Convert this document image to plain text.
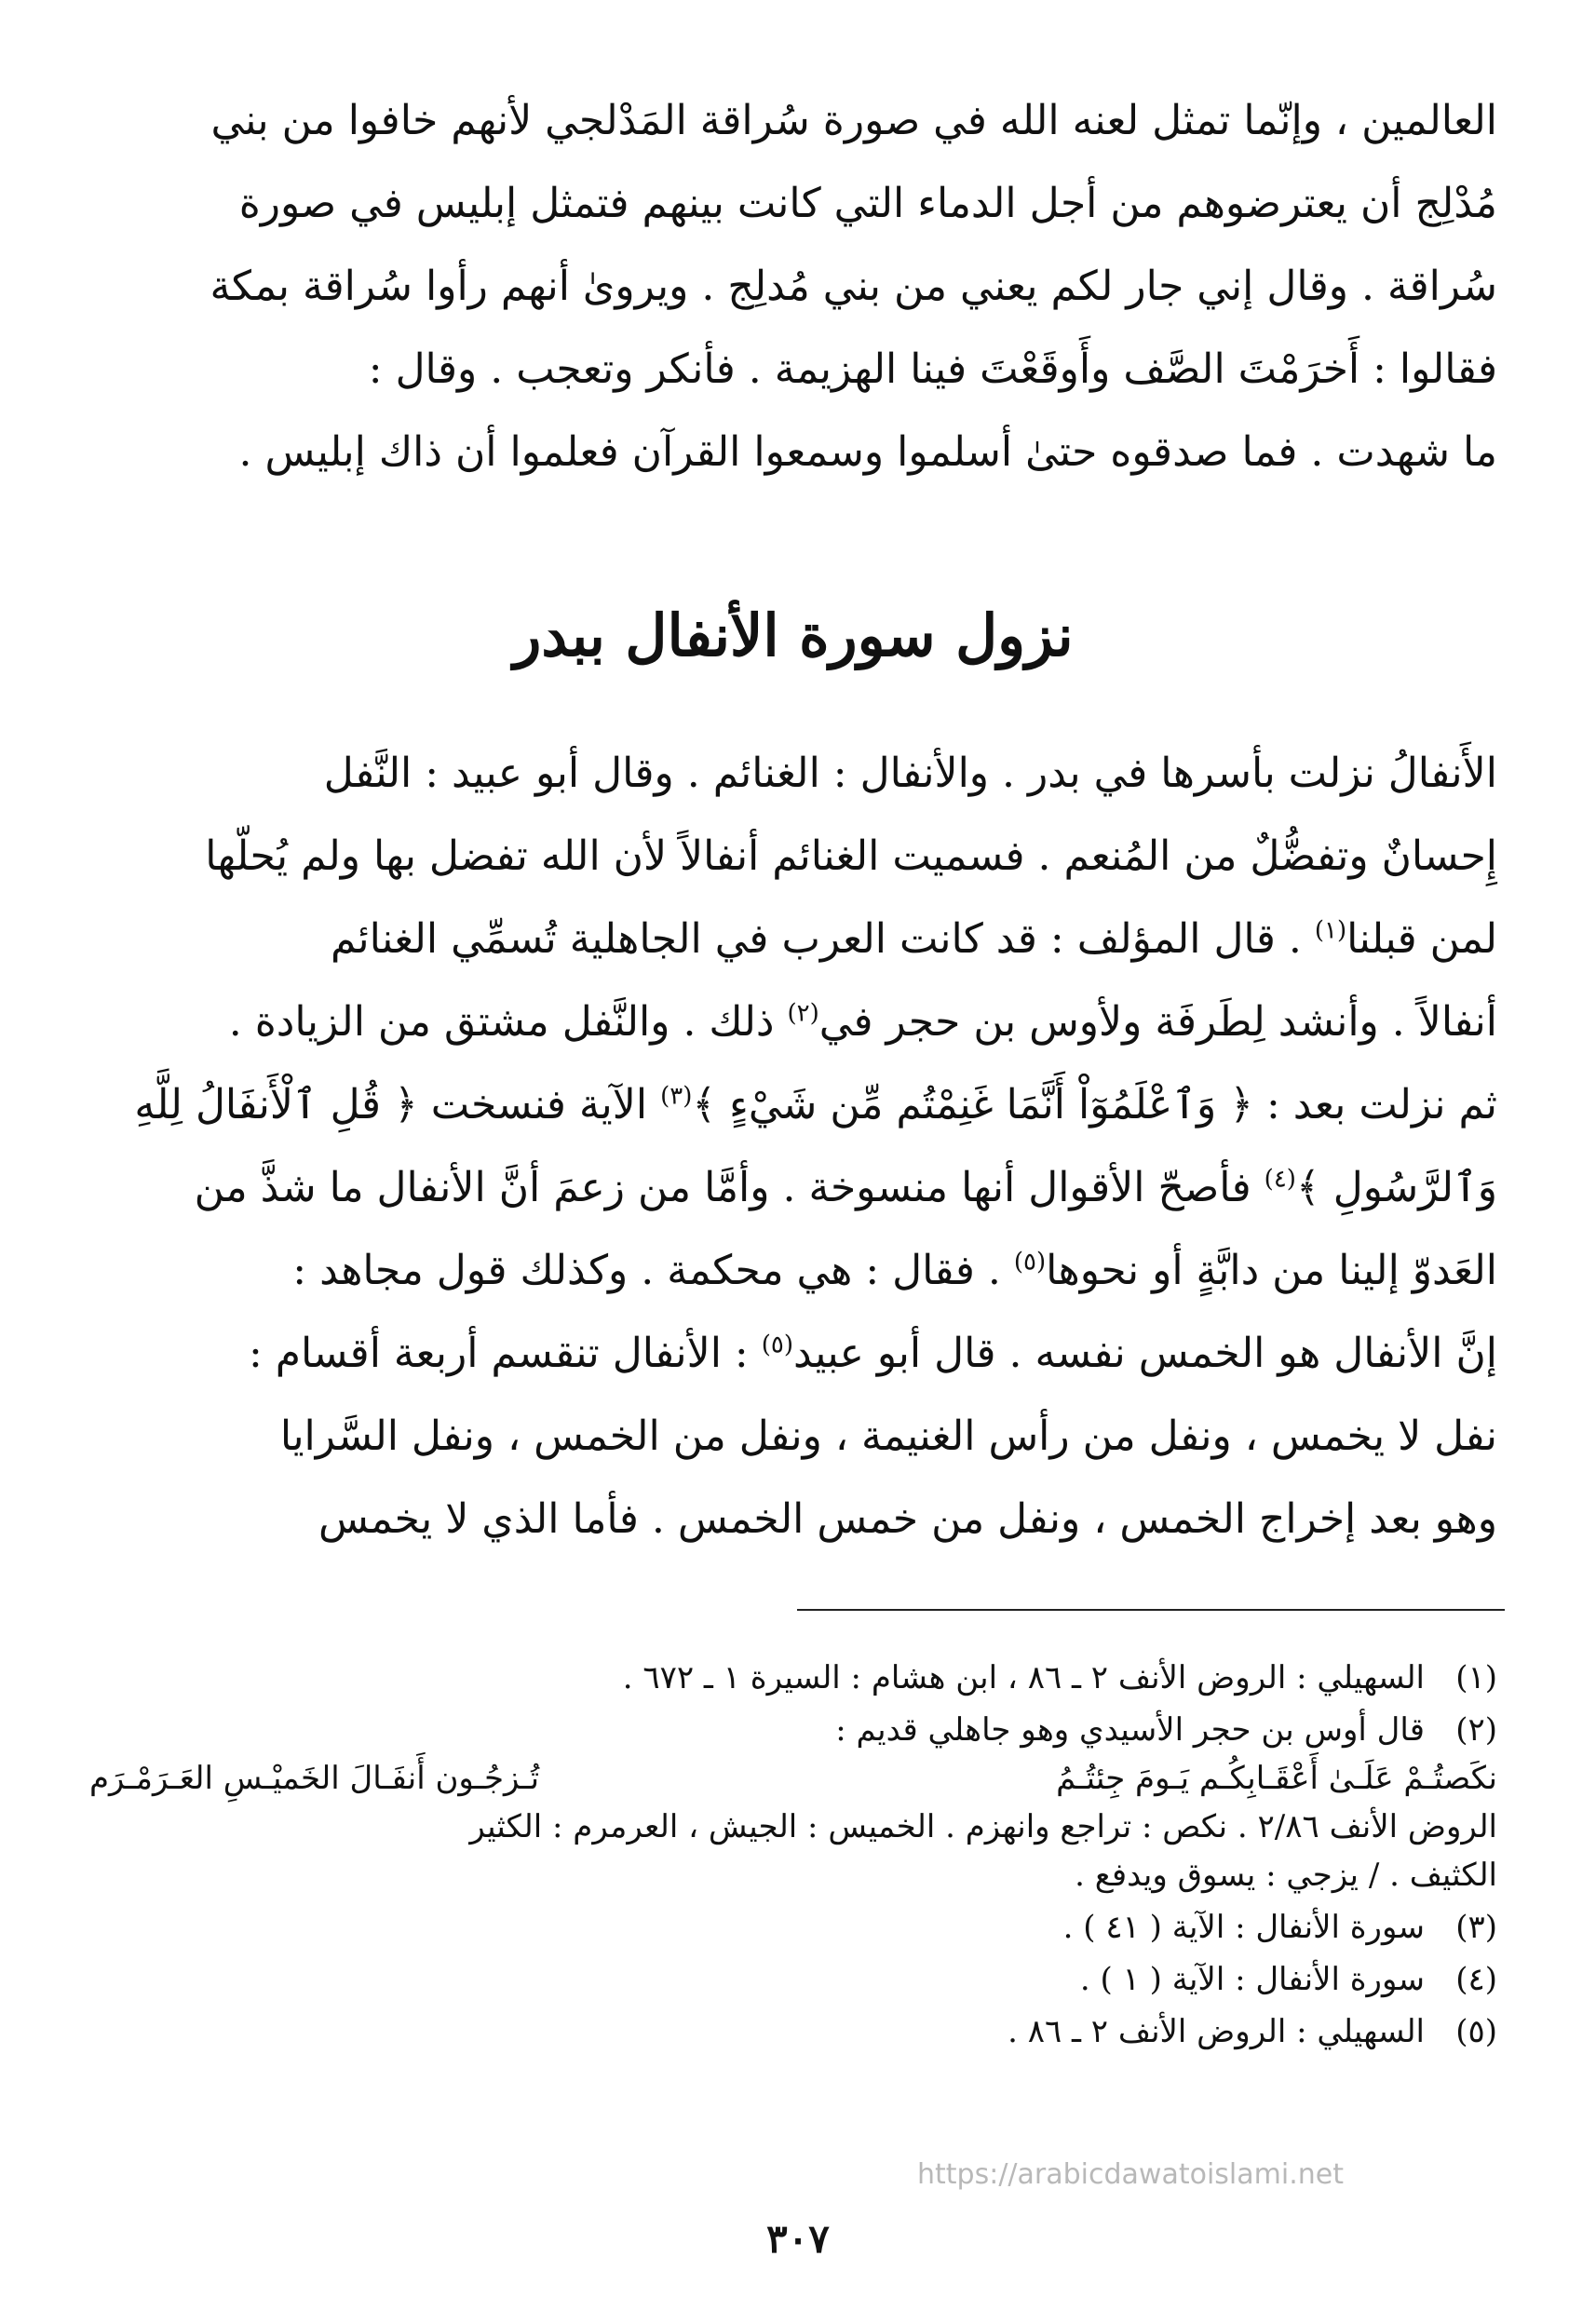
العالمين ، وإنّما تمثل لعنه الله في صورة سُراقة المَدْلجي لأنهم خافوا من بني

مُدْلِج أن يعترضوهم من أجل الدماء التي كانت بينهم فتمثل إبليس في صورة

سُراقة . وقال إني جار لكم يعني من بني مُدلِج . ويروىٰ أنهم رأوا سُراقة بمكة

فقالوا : أَخرَمْتَ الصَّف وأَوقَعْتَ فينا الهزيمة . فأنكر وتعجب . وقال :

ما شهدت . فما صدقوه حتىٰ أسلموا وسمعوا القرآن فعلموا أن ذاك إبليس .

نزول سورة الأنفال ببدر

الأَنفالُ نزلت بأسرها في بدر . والأنفال : الغنائم . وقال أبو عبيد : النَّفل

إِحسانٌ وتفضُّلٌ من المُنعم . فسميت الغنائم أنفالاً لأن الله تفضل بها ولم يُحلّها

لمن قبلنا$^{(١)}$ . قال المؤلف : قد كانت العرب في الجاهلية تُسمِّي الغنائم

أنفالاً . وأنشد لِطَرفَة ولأوس بن حجر في$^{(٢)}$ ذلك . والنَّفل مشتق من الزيادة .

ثم نزلت بعد : ﴿ وَٱعْلَمُوٓاْ أَنَّمَا غَنِمْتُم مِّن شَيْءٍ ﴾$^{(٣)}$ الآية فنسخت ﴿ قُلِ ٱلْأَنفَالُ لِلَّهِ

وَٱلرَّسُولِ ﴾$^{(٤)}$ فأصحّ الأقوال أنها منسوخة . وأمَّا من زعمَ أنَّ الأنفال ما شذَّ من

العَدوّ إلينا من دابَّةٍ أو نحوها$^{(٥)}$ . فقال : هي محكمة . وكذلك قول مجاهد :

إنَّ الأنفال هو الخمس نفسه . قال أبو عبيد$^{(٥)}$ : الأنفال تنقسم أربعة أقسام :

نفل لا يخمس ، ونفل من رأس الغنيمة ، ونفل من الخمس ، ونفل السَّرايا

وهو بعد إخراج الخمس ، ونفل من خمس الخمس . فأما الذي لا يخمس

(١)
السهيلي : الروض الأنف ٢ ـ ٨٦ ، ابن هشام : السيرة ١ ـ ٦٧٢ .
(٢)
قال أوس بن حجر الأسيدي وهو جاهلي قديم :
نكَصتُـمْ عَلَـىٰ أَعْقَـابِكُـم يَـومَ جِئتُـمُ
تُـزجُـون أَنفَـالَ الخَميْـسِ العَـرَمْـرَم
الروض الأنف ٢/٨٦ . نكص : تراجع وانهزم . الخميس : الجيش ، العرمرم : الكثير
الكثيف . / يزجي : يسوق ويدفع .
(٣)
سورة الأنفال : الآية ( ٤١ ) .
(٤)
سورة الأنفال : الآية ( ١ ) .
(٥)
السهيلي : الروض الأنف ٢ ـ ٨٦ .
https://arabicdawatoislami.net
٣٠٧
